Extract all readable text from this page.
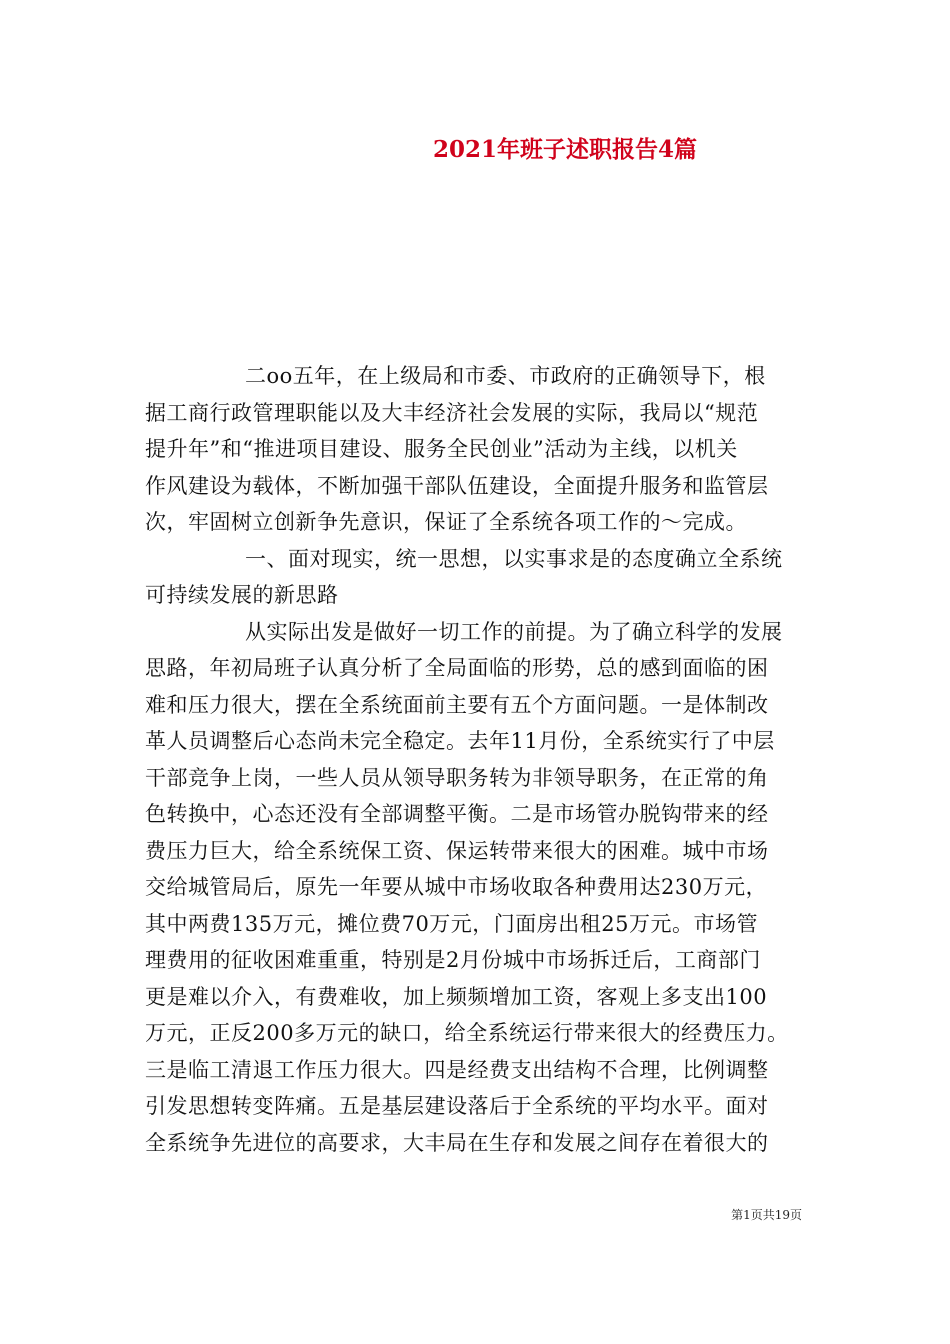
2021年班子述职报告4篇
二oo五年，在上级局和市委、市政府的正确领导下，根
据工商行政管理职能以及大丰经济社会发展的实际，我局以“规范
提升年”和“推进项目建设、服务全民创业”活动为主线，以机关
作风建设为载体，不断加强干部队伍建设，全面提升服务和监管层
次，牢固树立创新争先意识，保证了全系统各项工作的～完成。
一、面对现实，统一思想，以实事求是的态度确立全系统
可持续发展的新思路
从实际出发是做好一切工作的前提。为了确立科学的发展
思路，年初局班子认真分析了全局面临的形势，总的感到面临的困
难和压力很大，摆在全系统面前主要有五个方面问题。一是体制改
革人员调整后心态尚未完全稳定。去年11月份，全系统实行了中层
干部竞争上岗，一些人员从领导职务转为非领导职务，在正常的角
色转换中，心态还没有全部调整平衡。二是市场管办脱钩带来的经
费压力巨大，给全系统保工资、保运转带来很大的困难。城中市场
交给城管局后，原先一年要从城中市场收取各种费用达230万元，
其中两费135万元，摊位费70万元，门面房出租25万元。市场管
理费用的征收困难重重，特别是2月份城中市场拆迁后，工商部门
更是难以介入，有费难收，加上频频增加工资，客观上多支出100
万元，正反200多万元的缺口，给全系统运行带来很大的经费压力。
三是临工清退工作压力很大。四是经费支出结构不合理，比例调整
引发思想转变阵痛。五是基层建设落后于全系统的平均水平。面对
全系统争先进位的高要求，大丰局在生存和发展之间存在着很大的
第1页共19页
